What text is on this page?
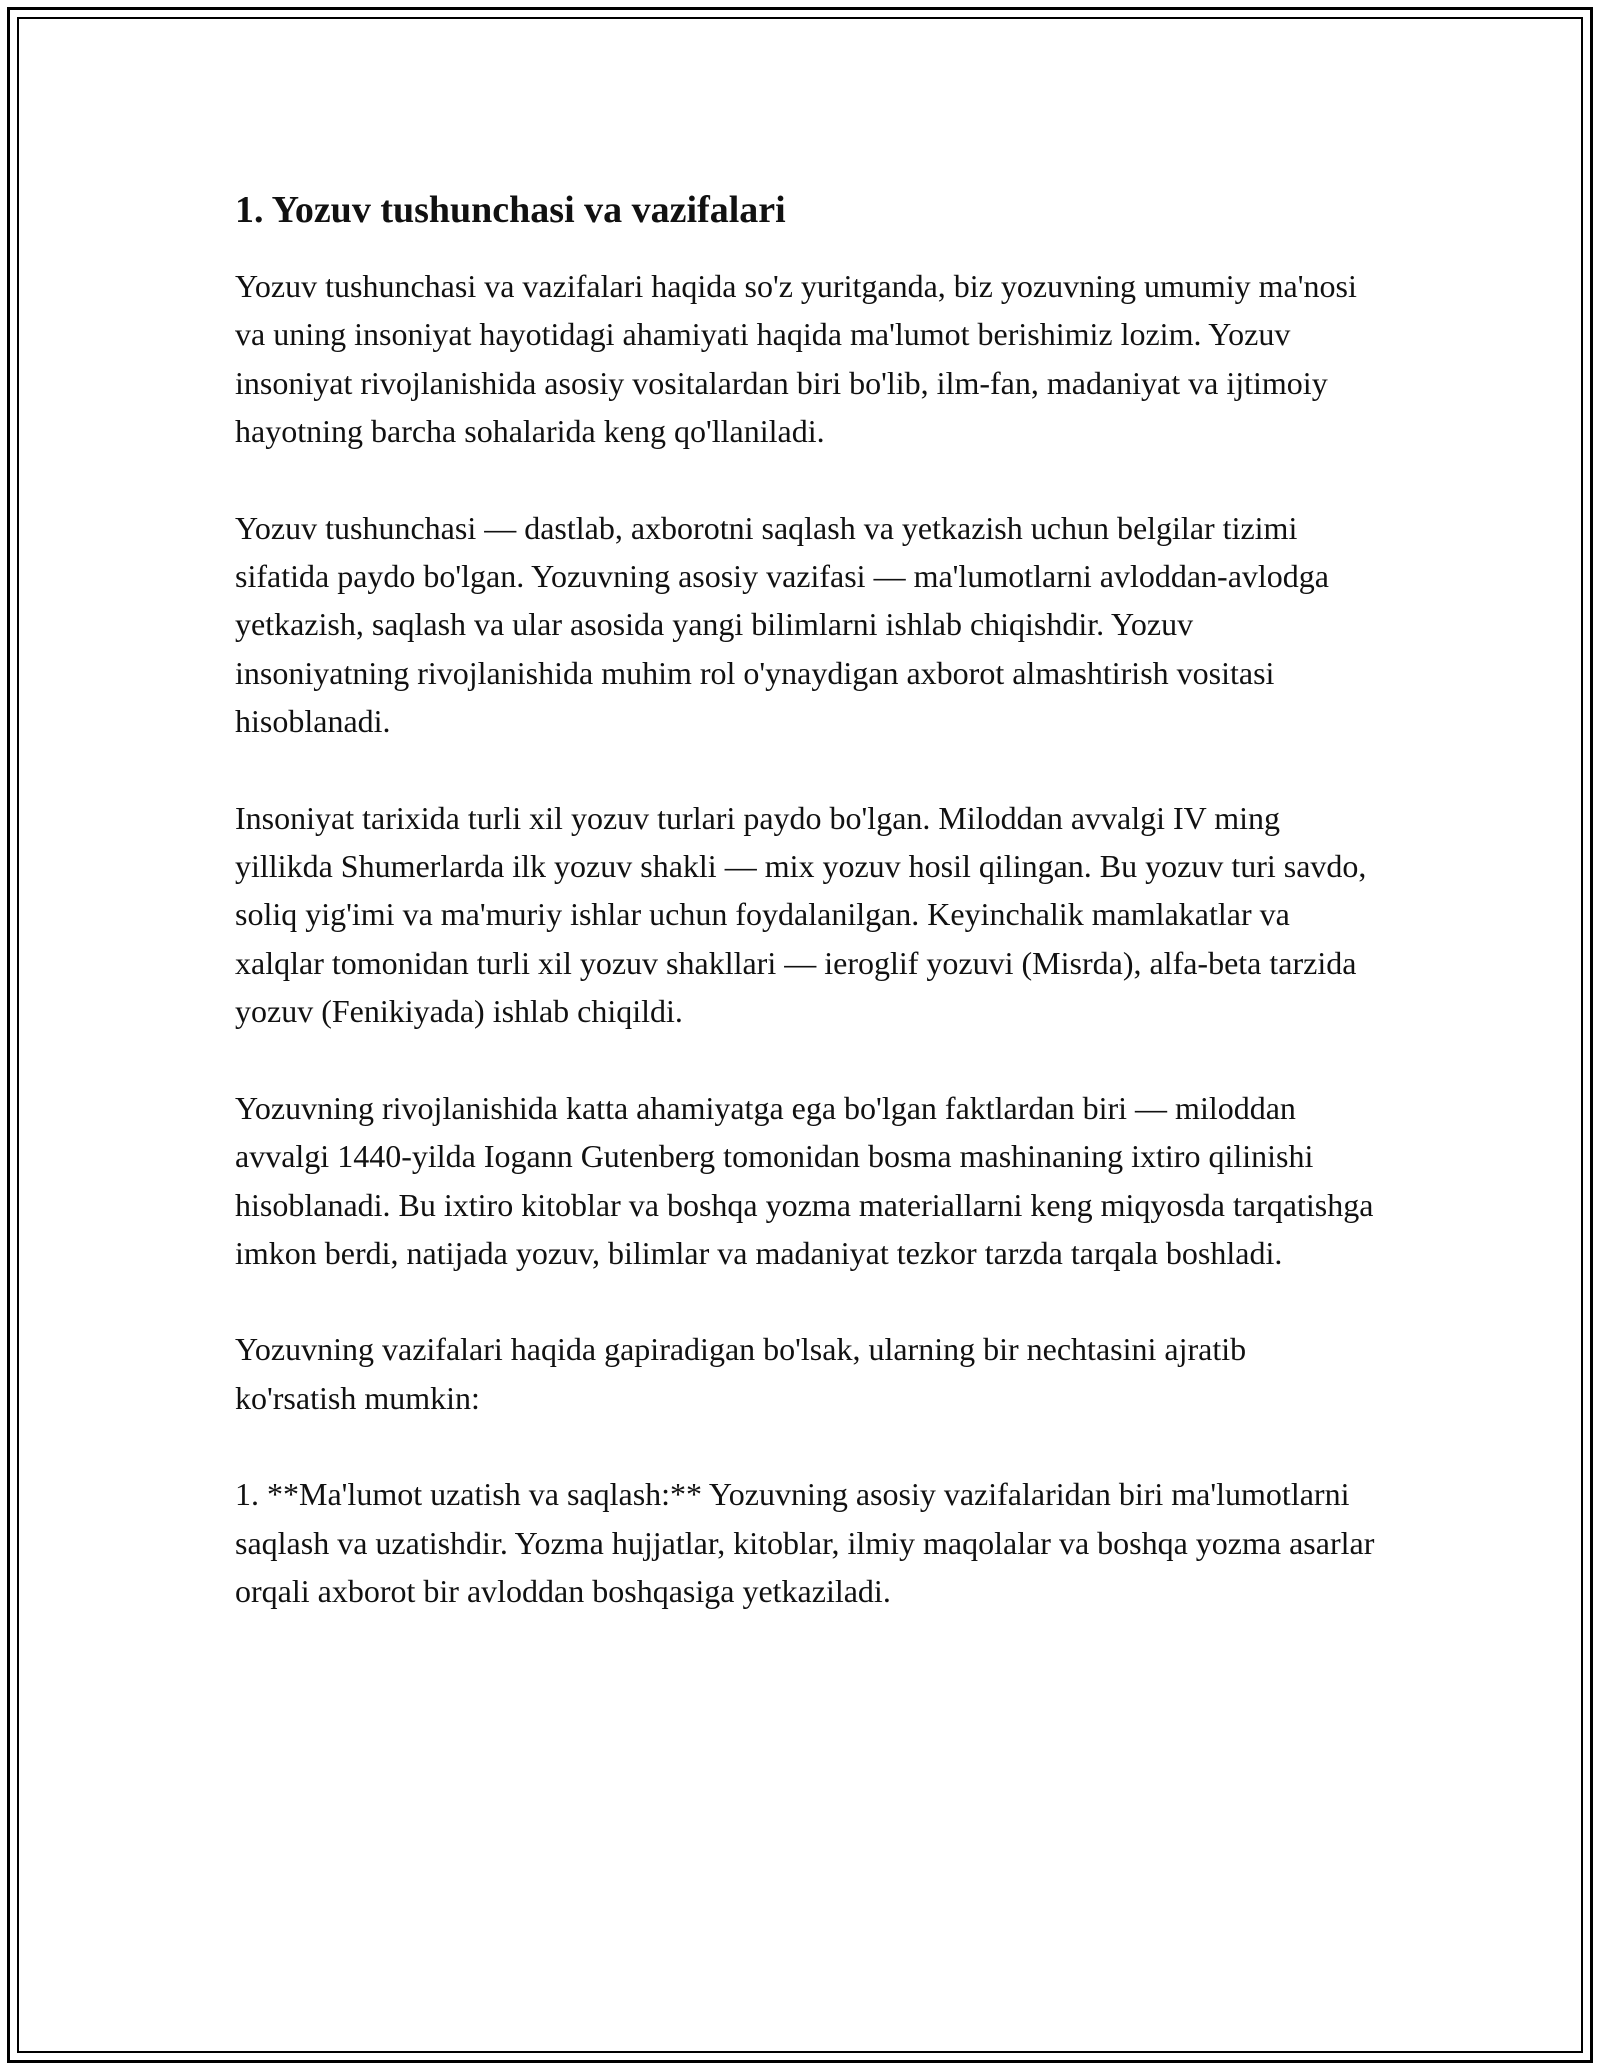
1. Yozuv tushunchasi va vazifalari

Yozuv tushunchasi va vazifalari haqida so'z yuritganda, biz yozuvning umumiy ma'nosi va uning insoniyat hayotidagi ahamiyati haqida ma'lumot berishimiz lozim. Yozuv insoniyat rivojlanishida asosiy vositalardan biri bo'lib, ilm-fan, madaniyat va ijtimoiy hayotning barcha sohalarida keng qo'llaniladi.

Yozuv tushunchasi — dastlab, axborotni saqlash va yetkazish uchun belgilar tizimi sifatida paydo bo'lgan. Yozuvning asosiy vazifasi — ma'lumotlarni avloddan-avlodga yetkazish, saqlash va ular asosida yangi bilimlarni ishlab chiqishdir. Yozuv insoniyatning rivojlanishida muhim rol o'ynaydigan axborot almashtirish vositasi hisoblanadi.

Insoniyat tarixida turli xil yozuv turlari paydo bo'lgan. Miloddan avvalgi IV ming yillikda Shumerlarda ilk yozuv shakli — mix yozuv hosil qilingan. Bu yozuv turi savdo, soliq yig'imi va ma'muriy ishlar uchun foydalanilgan. Keyinchalik mamlakatlar va xalqlar tomonidan turli xil yozuv shakllari — ieroglif yozuvi (Misrda), alfa-beta tarzida yozuv (Fenikiyada) ishlab chiqildi.

Yozuvning rivojlanishida katta ahamiyatga ega bo'lgan faktlardan biri — miloddan avvalgi 1440-yilda Iogann Gutenberg tomonidan bosma mashinaning ixtiro qilinishi hisoblanadi. Bu ixtiro kitoblar va boshqa yozma materiallarni keng miqyosda tarqatishga imkon berdi, natijada yozuv, bilimlar va madaniyat tezkor tarzda tarqala boshladi.

Yozuvning vazifalari haqida gapiradigan bo'lsak, ularning bir nechtasini ajratib ko'rsatish mumkin:

1. **Ma'lumot uzatish va saqlash:** Yozuvning asosiy vazifalaridan biri ma'lumotlarni saqlash va uzatishdir. Yozma hujjatlar, kitoblar, ilmiy maqolalar va boshqa yozma asarlar orqali axborot bir avloddan boshqasiga yetkaziladi.
